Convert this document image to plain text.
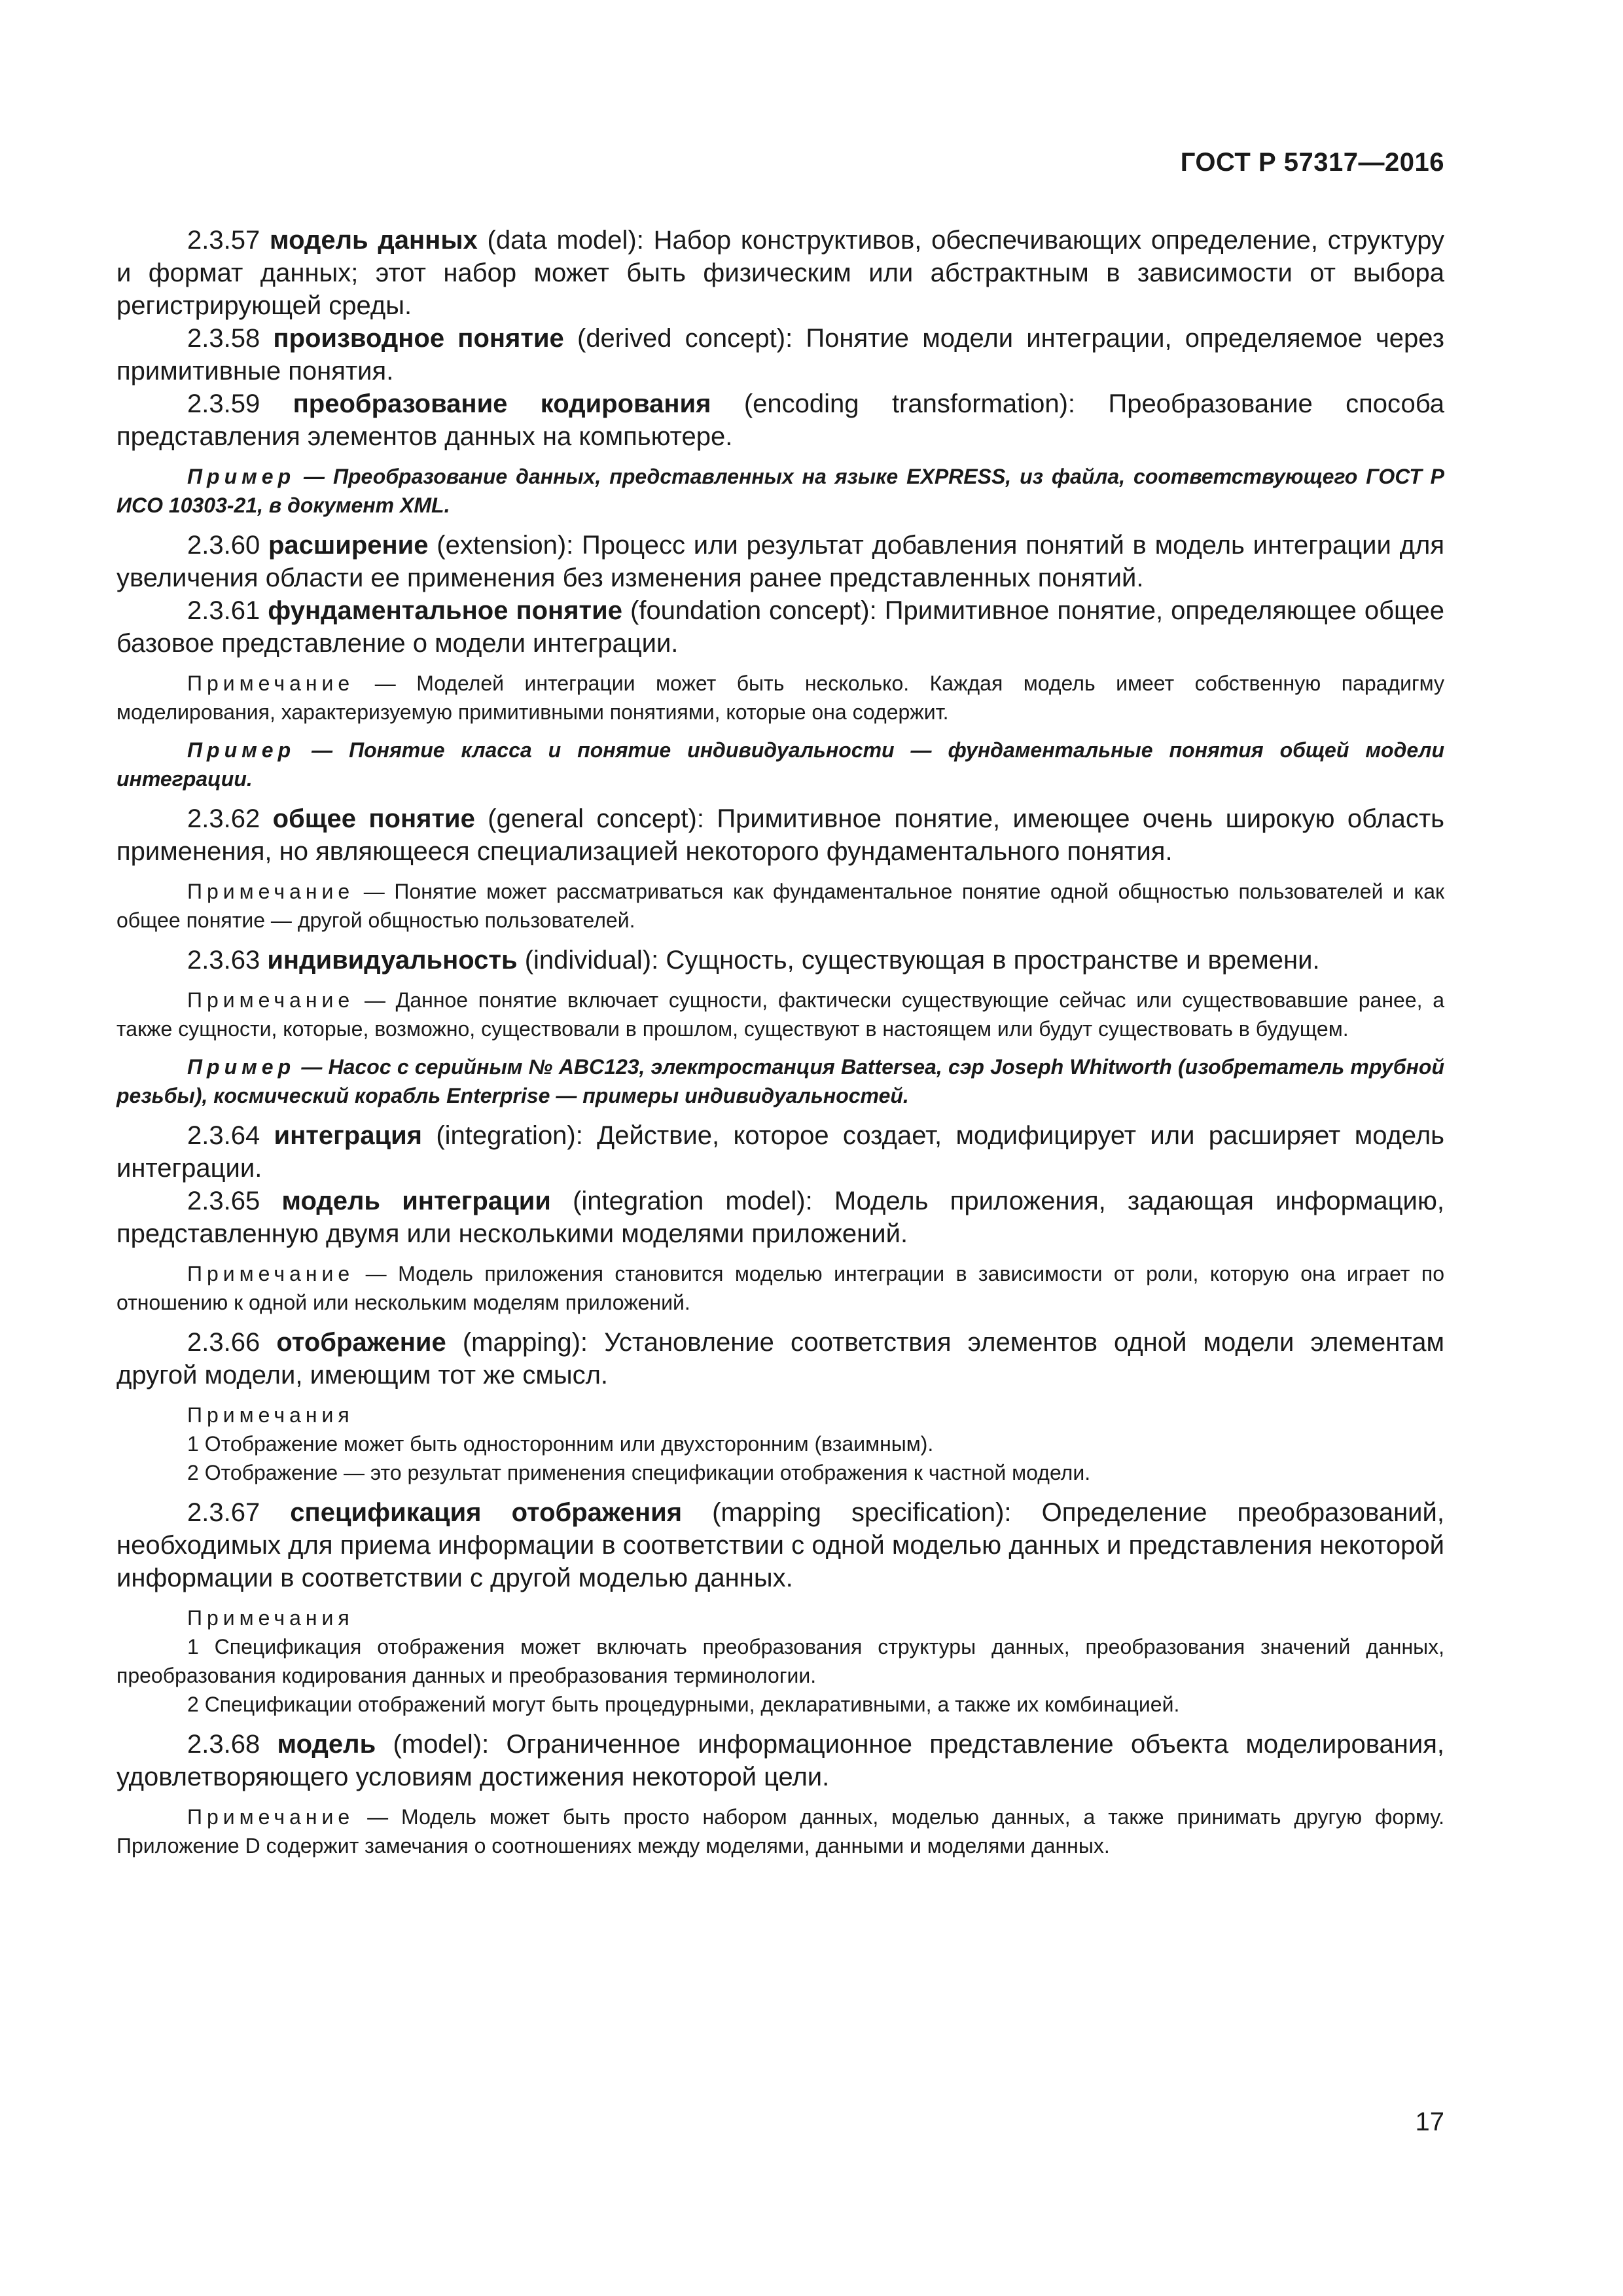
ГОСТ Р 57317—2016

2.3.57 модель данных (data model): Набор конструктивов, обеспечивающих определение, структуру и формат данных; этот набор может быть физическим или абстрактным в зависимости от выбора регистрирующей среды.

2.3.58 производное понятие (derived concept): Понятие модели интеграции, определяемое через примитивные понятия.

2.3.59 преобразование кодирования (encoding transformation): Преобразование способа представления элементов данных на компьютере.

Пример — Преобразование данных, представленных на языке EXPRESS, из файла, соответствующего ГОСТ Р ИСО 10303-21, в документ XML.

2.3.60 расширение (extension): Процесс или результат добавления понятий в модель интеграции для увеличения области ее применения без изменения ранее представленных понятий.

2.3.61 фундаментальное понятие (foundation concept): Примитивное понятие, определяющее общее базовое представление о модели интеграции.

Примечание — Моделей интеграции может быть несколько. Каждая модель имеет собственную парадигму моделирования, характеризуемую примитивными понятиями, которые она содержит.

Пример — Понятие класса и понятие индивидуальности — фундаментальные понятия общей модели интеграции.

2.3.62 общее понятие (general concept): Примитивное понятие, имеющее очень широкую область применения, но являющееся специализацией некоторого фундаментального понятия.

Примечание — Понятие может рассматриваться как фундаментальное понятие одной общностью пользователей и как общее понятие — другой общностью пользователей.

2.3.63 индивидуальность (individual): Сущность, существующая в пространстве и времени.

Примечание — Данное понятие включает сущности, фактически существующие сейчас или существовавшие ранее, а также сущности, которые, возможно, существовали в прошлом, существуют в настоящем или будут существовать в будущем.

Пример — Насос с серийным № ABC123, электростанция Battersea, сэр Joseph Whitworth (изобретатель трубной резьбы), космический корабль Enterprise — примеры индивидуальностей.

2.3.64 интеграция (integration): Действие, которое создает, модифицирует или расширяет модель интеграции.

2.3.65 модель интеграции (integration model): Модель приложения, задающая информацию, представленную двумя или несколькими моделями приложений.

Примечание — Модель приложения становится моделью интеграции в зависимости от роли, которую она играет по отношению к одной или нескольким моделям приложений.

2.3.66 отображение (mapping): Установление соответствия элементов одной модели элементам другой модели, имеющим тот же смысл.

Примечания

1 Отображение может быть односторонним или двухсторонним (взаимным).

2 Отображение — это результат применения спецификации отображения к частной модели.

2.3.67 спецификация отображения (mapping specification): Определение преобразований, необходимых для приема информации в соответствии с одной моделью данных и представления некоторой информации в соответствии с другой моделью данных.

Примечания

1 Спецификация отображения может включать преобразования структуры данных, преобразования значений данных, преобразования кодирования данных и преобразования терминологии.

2 Спецификации отображений могут быть процедурными, декларативными, а также их комбинацией.

2.3.68 модель (model): Ограниченное информационное представление объекта моделирования, удовлетворяющего условиям достижения некоторой цели.

Примечание — Модель может быть просто набором данных, моделью данных, а также принимать другую форму. Приложение D содержит замечания о соотношениях между моделями, данными и моделями данных.

17
